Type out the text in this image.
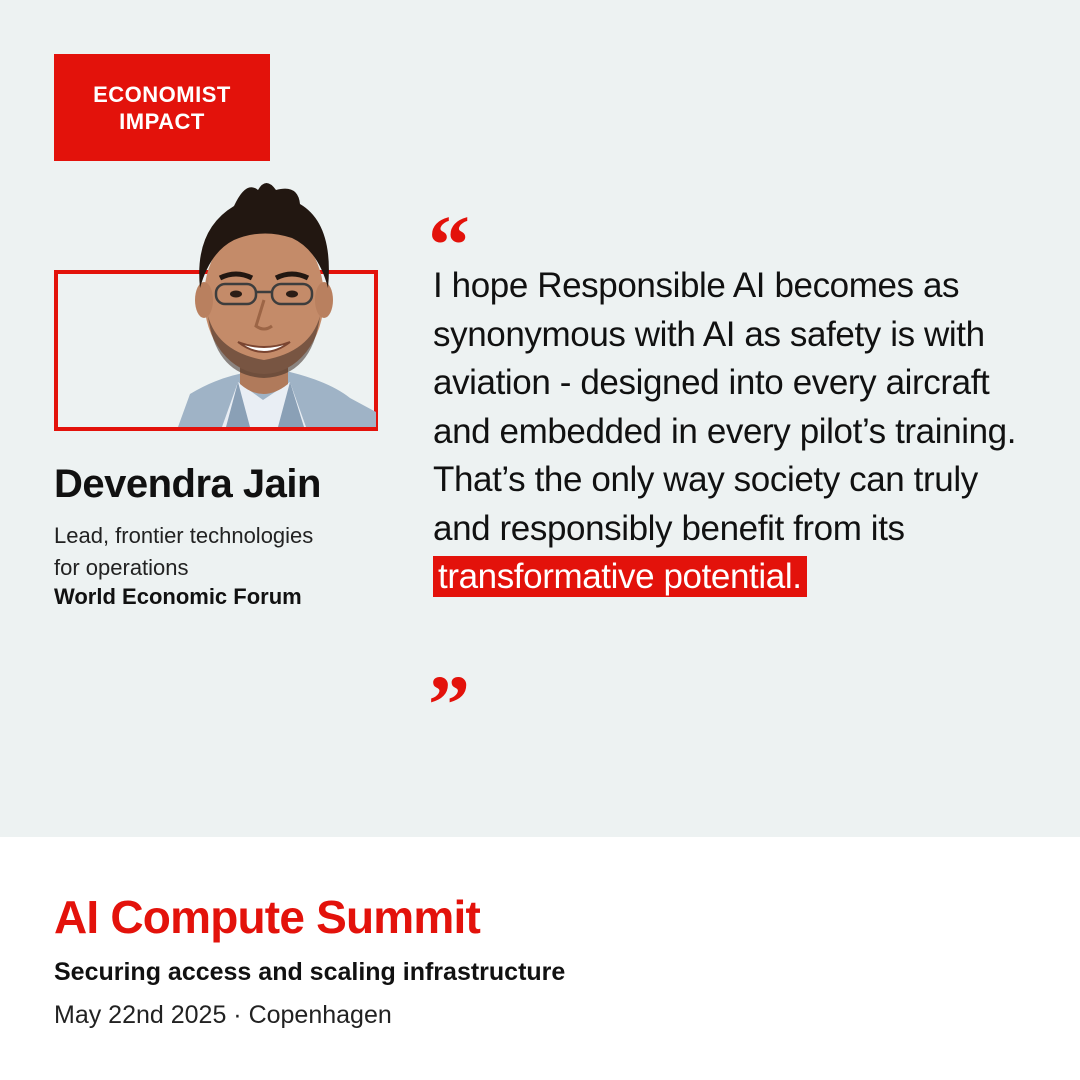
ECONOMIST
IMPACT
Devendra Jain
Lead, frontier technologies
for operations
World Economic Forum
“
I hope Responsible AI becomes as synonymous with AI as safety is with aviation - designed into every aircraft and embedded in every pilot’s training. That’s the only way society can truly and responsibly benefit from its transformative potential.
”
AI Compute Summit
Securing access and scaling infrastructure
May 22nd 2025 · Copenhagen
